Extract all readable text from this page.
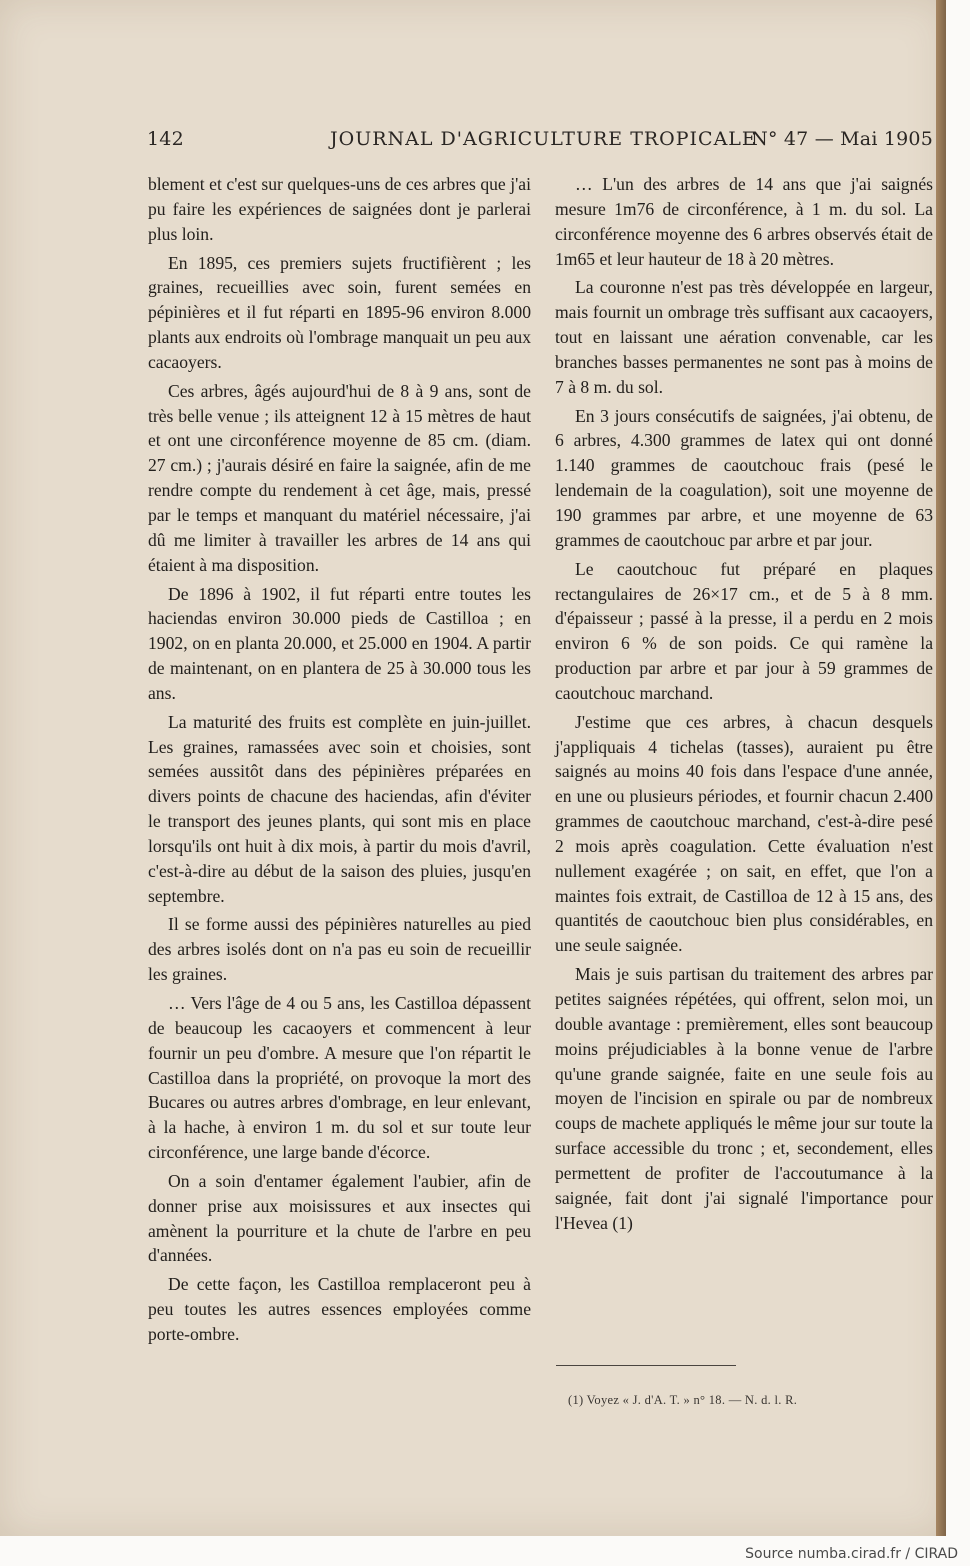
142	JOURNAL D'AGRICULTURE TROPICALE
N° 47 — Mai 1905

blement et c'est sur quelques-uns de ces arbres que j'ai pu faire les expériences de saignées dont je parlerai plus loin.

En 1895, ces premiers sujets fructifièrent ; les graines, recueillies avec soin, furent semées en pépinières et il fut réparti en 1895-96 environ 8.000 plants aux endroits où l'ombrage manquait un peu aux cacaoyers.

Ces arbres, âgés aujourd'hui de 8 à 9 ans, sont de très belle venue ; ils atteignent 12 à 15 mètres de haut et ont une circonférence moyenne de 85 cm. (diam. 27 cm.) ; j'aurais désiré en faire la saignée, afin de me rendre compte du rendement à cet âge, mais, pressé par le temps et manquant du matériel nécessaire, j'ai dû me limiter à travailler les arbres de 14 ans qui étaient à ma disposition.

De 1896 à 1902, il fut réparti entre toutes les haciendas environ 30.000 pieds de Castilloa ; en 1902, on en planta 20.000, et 25.000 en 1904. A partir de maintenant, on en plantera de 25 à 30.000 tous les ans.

La maturité des fruits est complète en juin-juillet. Les graines, ramassées avec soin et choisies, sont semées aussitôt dans des pépinières préparées en divers points de chacune des haciendas, afin d'éviter le transport des jeunes plants, qui sont mis en place lorsqu'ils ont huit à dix mois, à partir du mois d'avril, c'est-à-dire au début de la saison des pluies, jusqu'en septembre.

Il se forme aussi des pépinières naturelles au pied des arbres isolés dont on n'a pas eu soin de recueillir les graines.

… Vers l'âge de 4 ou 5 ans, les Castilloa dépassent de beaucoup les cacaoyers et commencent à leur fournir un peu d'ombre. A mesure que l'on répartit le Castilloa dans la propriété, on provoque la mort des Bucares ou autres arbres d'ombrage, en leur enlevant, à la hache, à environ 1 m. du sol et sur toute leur circonférence, une large bande d'écorce.

On a soin d'entamer également l'aubier, afin de donner prise aux moisissures et aux insectes qui amènent la pourriture et la chute de l'arbre en peu d'années.

De cette façon, les Castilloa remplaceront peu à peu toutes les autres essences employées comme porte-ombre.

… L'un des arbres de 14 ans que j'ai saignés mesure 1m76 de circonférence, à 1 m. du sol. La circonférence moyenne des 6 arbres observés était de 1m65 et leur hauteur de 18 à 20 mètres.

La couronne n'est pas très développée en largeur, mais fournit un ombrage très suffisant aux cacaoyers, tout en laissant une aération convenable, car les branches basses permanentes ne sont pas à moins de 7 à 8 m. du sol.

En 3 jours consécutifs de saignées, j'ai obtenu, de 6 arbres, 4.300 grammes de latex qui ont donné 1.140 grammes de caoutchouc frais (pesé le lendemain de la coagulation), soit une moyenne de 190 grammes par arbre, et une moyenne de 63 grammes de caoutchouc par arbre et par jour.

Le caoutchouc fut préparé en plaques rectangulaires de 26×17 cm., et de 5 à 8 mm. d'épaisseur ; passé à la presse, il a perdu en 2 mois environ 6 % de son poids. Ce qui ramène la production par arbre et par jour à 59 grammes de caoutchouc marchand.

J'estime que ces arbres, à chacun desquels j'appliquais 4 tichelas (tasses), auraient pu être saignés au moins 40 fois dans l'espace d'une année, en une ou plusieurs périodes, et fournir chacun 2.400 grammes de caoutchouc marchand, c'est-à-dire pesé 2 mois après coagulation. Cette évaluation n'est nullement exagérée ; on sait, en effet, que l'on a maintes fois extrait, de Castilloa de 12 à 15 ans, des quantités de caoutchouc bien plus considérables, en une seule saignée.

Mais je suis partisan du traitement des arbres par petites saignées répétées, qui offrent, selon moi, un double avantage : premièrement, elles sont beaucoup moins préjudiciables à la bonne venue de l'arbre qu'une grande saignée, faite en une seule fois au moyen de l'incision en spirale ou par de nombreux coups de machete appliqués le même jour sur toute la surface accessible du tronc ; et, secondement, elles permettent de profiter de l'accoutumance à la saignée, fait dont j'ai signalé l'importance pour l'Hevea (1)

(1) Voyez « J. d'A. T. » n° 18. — N. d. l. R.
Source numba.cirad.fr / CIRAD
